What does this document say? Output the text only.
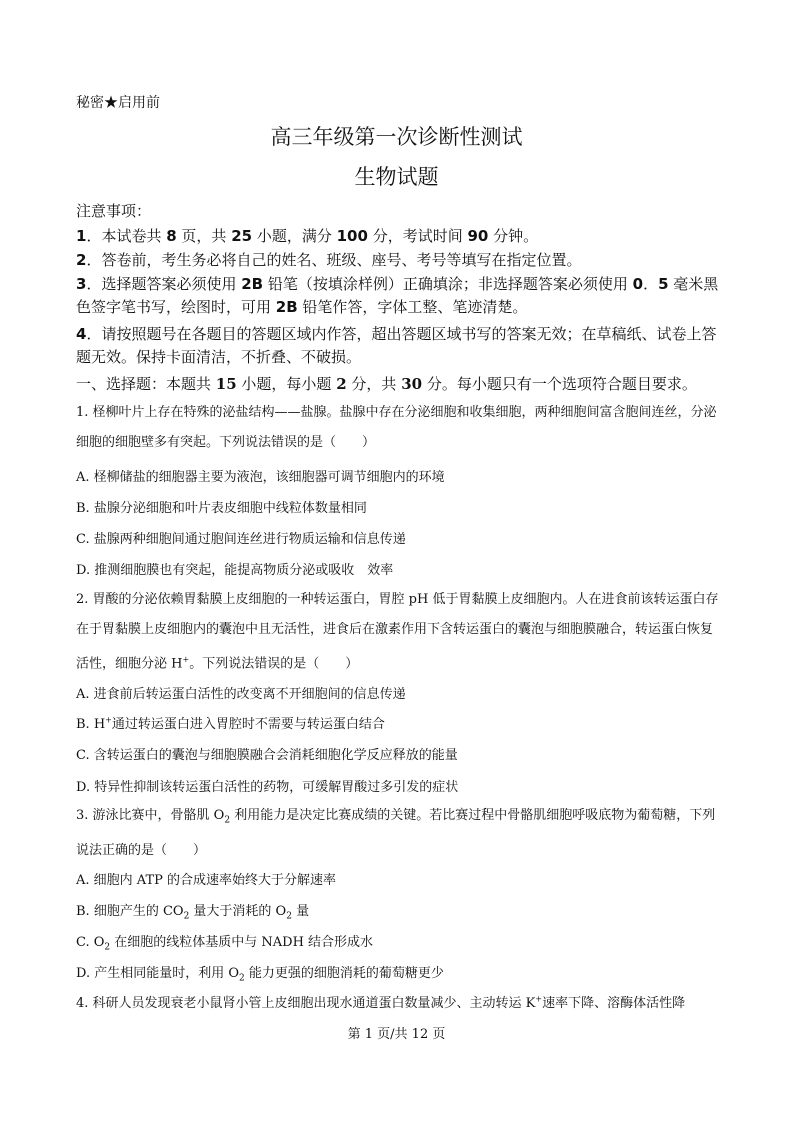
秘密★启用前
高三年级第一次诊断性测试
生物试题
注意事项：
1．本试卷共 8 页，共 25 小题，满分 100 分，考试时间 90 分钟。
2．答卷前，考生务必将自己的姓名、班级、座号、考号等填写在指定位置。
3．选择题答案必须使用 2B 铅笔（按填涂样例）正确填涂；非选择题答案必须使用 0．5 毫米黑色签字笔书写，绘图时，可用 2B 铅笔作答，字体工整、笔迹清楚。
4．请按照题号在各题目的答题区域内作答，超出答题区域书写的答案无效；在草稿纸、试卷上答题无效。保持卡面清洁，不折叠、不破损。
一、选择题：本题共 15 小题，每小题 2 分，共 30 分。每小题只有一个选项符合题目要求。
1. 柽柳叶片上存在特殊的泌盐结构——盐腺。盐腺中存在分泌细胞和收集细胞，两种细胞间富含胞间连丝，分泌细胞的细胞壁多有突起。下列说法错误的是（　　）
A. 柽柳储盐的细胞器主要为液泡，该细胞器可调节细胞内的环境
B. 盐腺分泌细胞和叶片表皮细胞中线粒体数量相同
C. 盐腺两种细胞间通过胞间连丝进行物质运输和信息传递
D. 推测细胞膜也有突起，能提高物质分泌或吸收　效率
2. 胃酸的分泌依赖胃黏膜上皮细胞的一种转运蛋白，胃腔 pH 低于胃黏膜上皮细胞内。人在进食前该转运蛋白存在于胃黏膜上皮细胞内的囊泡中且无活性，进食后在激素作用下含转运蛋白的囊泡与细胞膜融合，转运蛋白恢复活性，细胞分泌 H+。下列说法错误的是（　　）
A. 进食前后转运蛋白活性的改变离不开细胞间的信息传递
B. H+通过转运蛋白进入胃腔时不需要与转运蛋白结合
C. 含转运蛋白的囊泡与细胞膜融合会消耗细胞化学反应释放的能量
D. 特异性抑制该转运蛋白活性的药物，可缓解胃酸过多引发的症状
3. 游泳比赛中，骨骼肌 $O_2$ 利用能力是决定比赛成绩的关键。若比赛过程中骨骼肌细胞呼吸底物为葡萄糖，下列说法正确的是（　　）
A. 细胞内 ATP 的合成速率始终大于分解速率
B. 细胞产生的 $CO_2$ 量大于消耗的 $O_2$ 量
C. $O_2$ 在细胞的线粒体基质中与 NADH 结合形成水
D. 产生相同能量时，利用 $O_2$ 能力更强的细胞消耗的葡萄糖更少
4. 科研人员发现衰老小鼠肾小管上皮细胞出现水通道蛋白数量减少、主动转运 K+速率下降、溶酶体活性降
第 1 页/共 12 页
